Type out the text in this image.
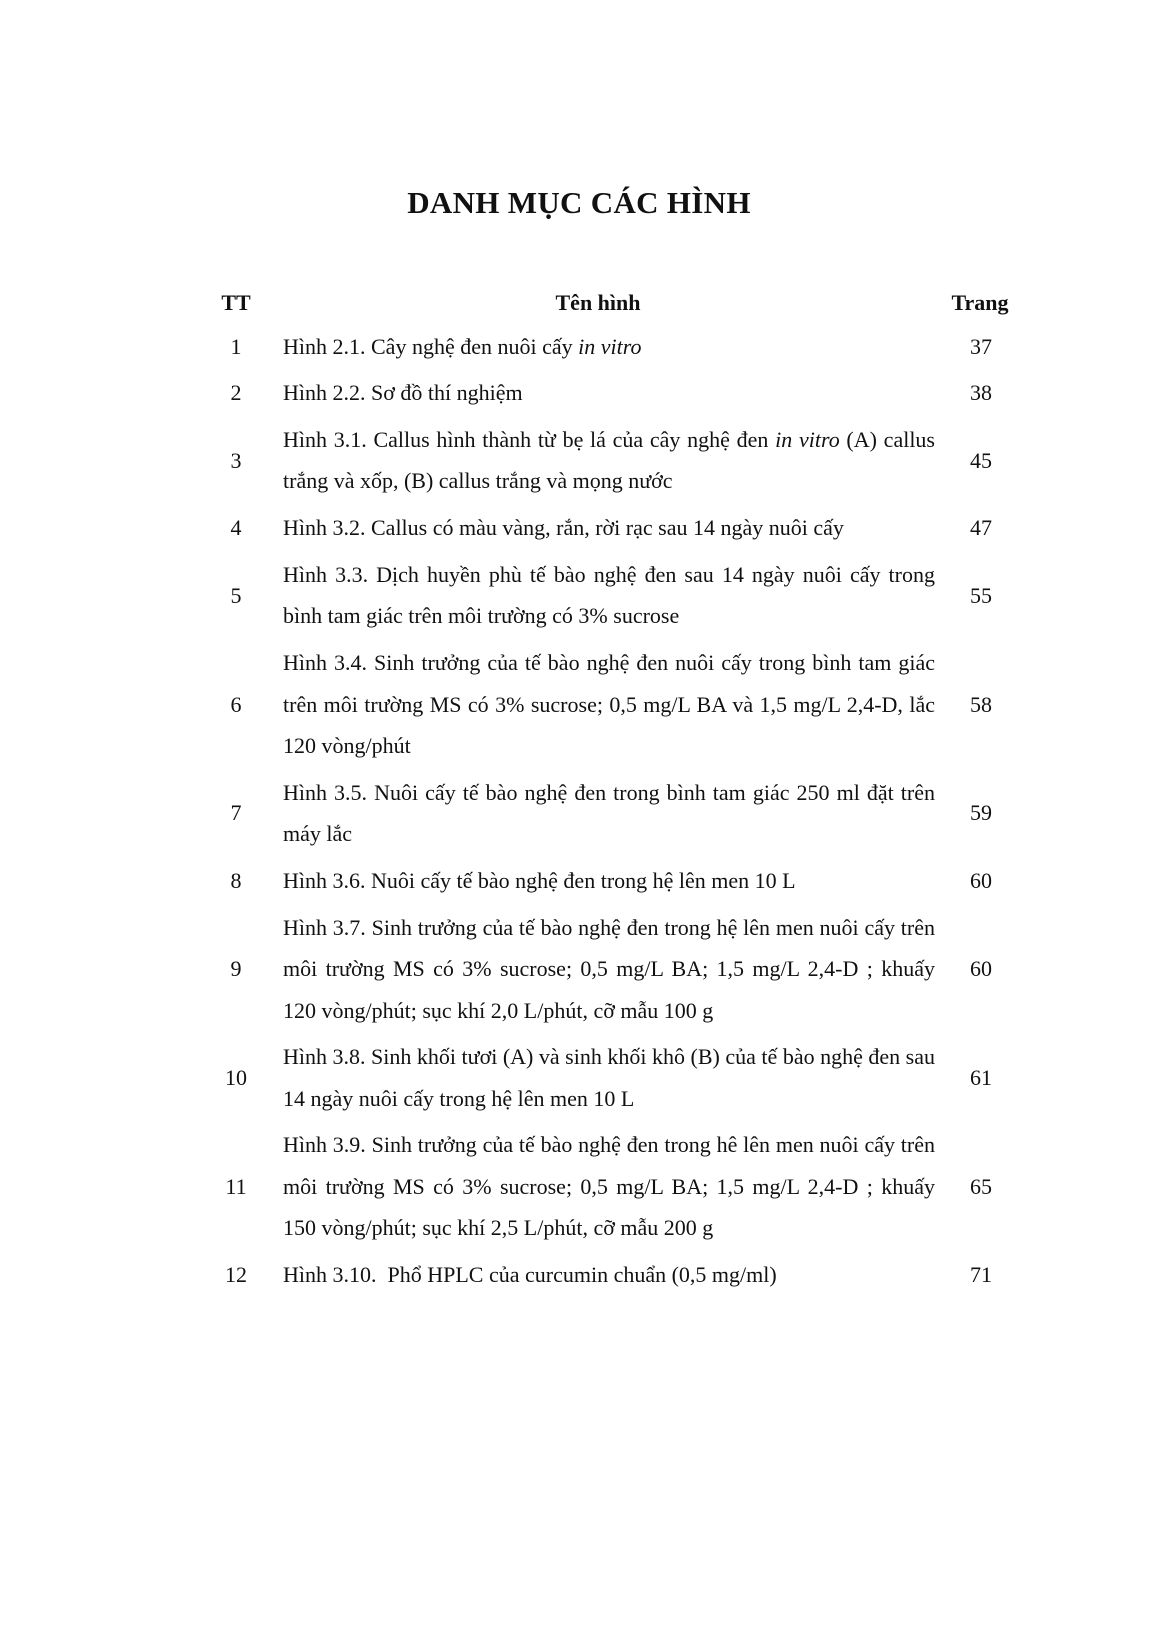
DANH MỤC CÁC HÌNH
TT	Tên hình	Trang
1	Hình 2.1. Cây nghệ đen nuôi cấy in vitro	37
2	Hình 2.2. Sơ đồ thí nghiệm	38
3	Hình 3.1. Callus hình thành từ bẹ lá của cây nghệ đen in vitro (A) callus trắng và xốp, (B) callus trắng và mọng nước	45
4	Hình 3.2. Callus có màu vàng, rắn, rời rạc sau 14 ngày nuôi cấy	47
5	Hình 3.3. Dịch huyền phù tế bào nghệ đen sau 14 ngày nuôi cấy trong bình tam giác trên môi trường có 3% sucrose	55
6	Hình 3.4. Sinh trưởng của tế bào nghệ đen nuôi cấy trong bình tam giác trên môi trường MS có 3% sucrose; 0,5 mg/L BA và 1,5 mg/L 2,4-D, lắc 120 vòng/phút	58
7	Hình 3.5. Nuôi cấy tế bào nghệ đen trong bình tam giác 250 ml đặt trên máy lắc	59
8	Hình 3.6. Nuôi cấy tế bào nghệ đen trong hệ lên men 10 L	60
9	Hình 3.7. Sinh trưởng của tế bào nghệ đen trong hệ lên men nuôi cấy trên môi trường MS có 3% sucrose; 0,5 mg/L BA; 1,5 mg/L 2,4-D ; khuấy 120 vòng/phút; sục khí 2,0 L/phút, cỡ mẫu 100 g	60
10	Hình 3.8. Sinh khối tươi (A) và sinh khối khô (B) của tế bào nghệ đen sau 14 ngày nuôi cấy trong hệ lên men 10 L	61
11	Hình 3.9. Sinh trưởng của tế bào nghệ đen trong hê lên men nuôi cấy trên môi trường MS có 3% sucrose; 0,5 mg/L BA; 1,5 mg/L 2,4-D ; khuấy 150 vòng/phút; sục khí 2,5 L/phút, cỡ mẫu 200 g	65
12	Hình 3.10.  Phổ HPLC của curcumin chuẩn (0,5 mg/ml)	71
